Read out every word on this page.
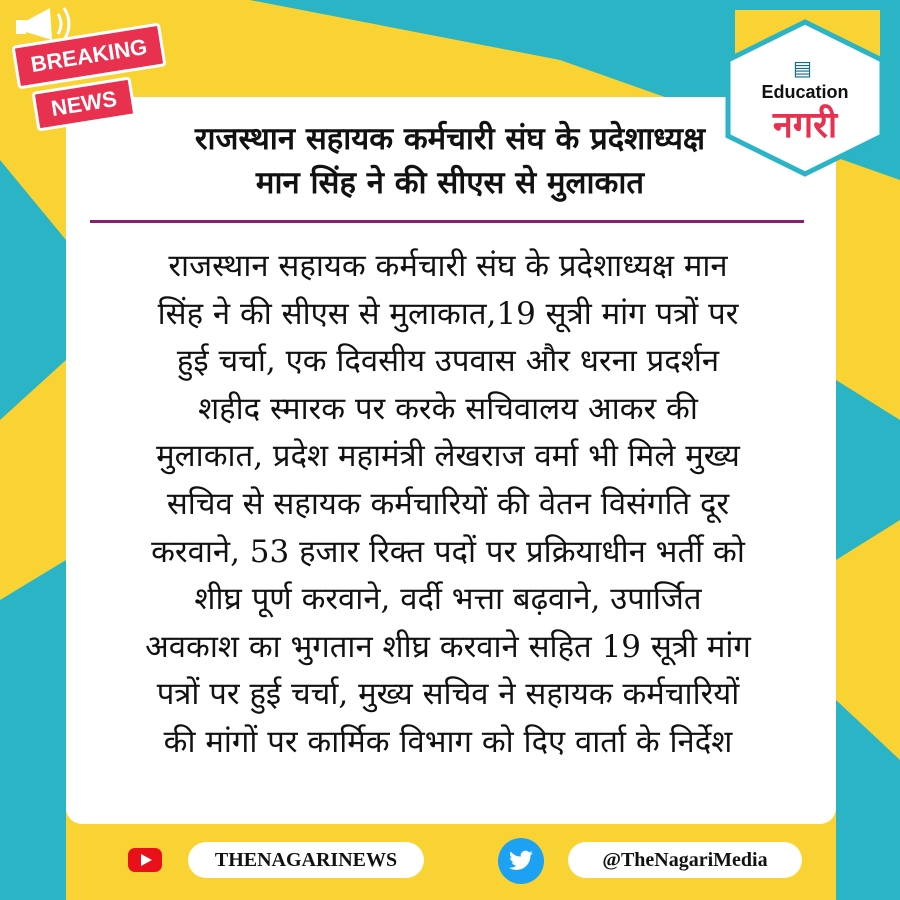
BREAKING
NEWS
▤
Education
नगरी
राजस्थान सहायक कर्मचारी संघ के प्रदेशाध्यक्ष
मान सिंह ने की सीएस से मुलाकात

राजस्थान सहायक कर्मचारी संघ के प्रदेशाध्यक्ष मान
सिंह ने की सीएस से मुलाकात,19 सूत्री मांग पत्रों पर
हुई चर्चा, एक दिवसीय उपवास और धरना प्रदर्शन
शहीद स्मारक पर करके सचिवालय आकर की
मुलाकात, प्रदेश महामंत्री लेखराज वर्मा भी मिले मुख्य
सचिव से सहायक कर्मचारियों की वेतन विसंगति दूर
करवाने, 53 हजार रिक्त पदों पर प्रक्रियाधीन भर्ती को
शीघ्र पूर्ण करवाने, वर्दी भत्ता बढ़वाने, उपार्जित
अवकाश का भुगतान शीघ्र करवाने सहित 19 सूत्री मांग
पत्रों पर हुई चर्चा, मुख्य सचिव ने सहायक कर्मचारियों
की मांगों पर कार्मिक विभाग को दिए वार्ता के निर्देश

THENAGARINEWS	@TheNagariMedia
